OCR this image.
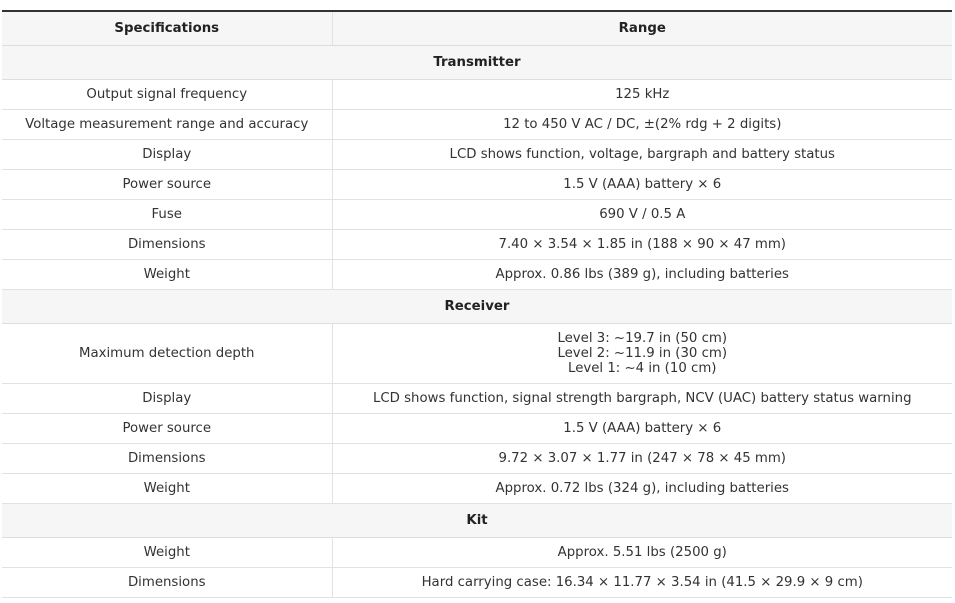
Specifications	Range
Transmitter	
Output signal frequency	125 kHz
Voltage measurement range and accuracy	12 to 450 V AC / DC, ±(2% rdg + 2 digits)
Display	LCD shows function, voltage, bargraph and battery status
Power source	1.5 V (AAA) battery × 6
Fuse	690 V / 0.5 A
Dimensions	7.40 × 3.54 × 1.85 in (188 × 90 × 47 mm)
Weight	Approx. 0.86 lbs (389 g), including batteries
Receiver	
Maximum detection depth	Level 3: ~19.7 in (50 cm)
Level 2: ~11.9 in (30 cm)
Level 1: ~4 in (10 cm)

Display	LCD shows function, signal strength bargraph, NCV (UAC) battery status warning
Power source	1.5 V (AAA) battery × 6
Dimensions	9.72 × 3.07 × 1.77 in (247 × 78 × 45 mm)
Weight	Approx. 0.72 lbs (324 g), including batteries
Kit	
Weight	Approx. 5.51 lbs (2500 g)
Dimensions	Hard carrying case: 16.34 × 11.77 × 3.54 in (41.5 × 29.9 × 9 cm)
